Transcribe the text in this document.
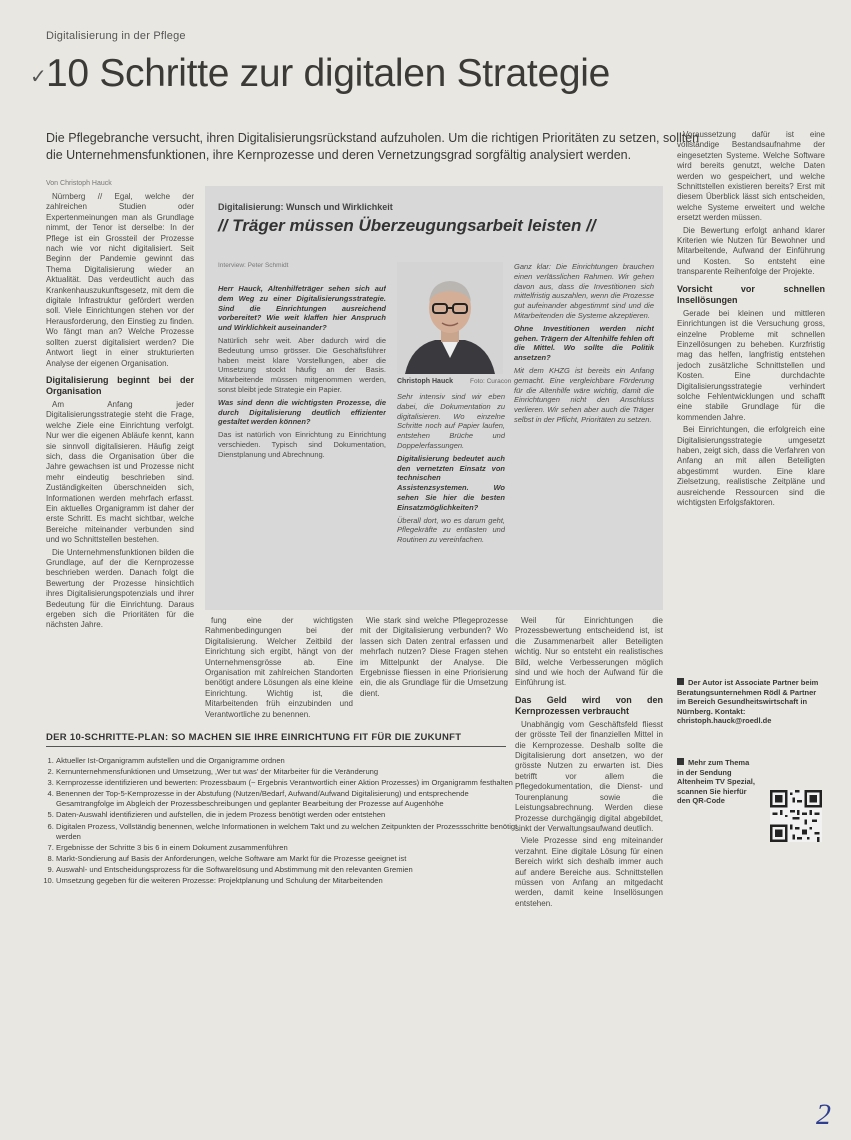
Digitalisierung in der Pflege
✓ 10 Schritte zur digitalen Strategie
Die Pflegebranche versucht, ihren Digitalisierungsrückstand aufzuholen. Um die richtigen Prioritäten zu setzen, sollten die Unternehmensfunktionen, ihre Kernprozesse und deren Vernetzungsgrad sorgfältig analysiert werden.
Von Christoph Hauck

Nürnberg // Egal, welche der zahlreichen Studien oder Expertenmeinungen man als Grundlage nimmt, der Tenor ist derselbe: In der Pflege ist ein Grossteil der Prozesse nach wie vor nicht digitalisiert. Seit Beginn der Pandemie gewinnt das Thema Digitalisierung wieder an Aktualität. Das verdeutlicht auch das Krankenhauszukunftsgesetz, mit dem die digitale Infrastruktur gefördert werden soll. Viele Einrichtungen stehen vor der Herausforderung, den Einstieg zu finden. Wo fängt man an? Welche Prozesse sollten zuerst digitalisiert werden? Die Antwort liegt in einer strukturierten Analyse der eigenen Organisation.

Digitalisierung beginnt bei der Organisation

Am Anfang jeder Digitalisierungsstrategie steht die Frage, welche Ziele eine Einrichtung verfolgt. Nur wer die eigenen Abläufe kennt, kann sie sinnvoll digitalisieren. Häufig zeigt sich, dass die Organisation über die Jahre gewachsen ist und Prozesse nicht mehr eindeutig beschrieben sind. Zuständigkeiten überschneiden sich, Informationen werden mehrfach erfasst. Ein aktuelles Organigramm ist daher der erste Schritt. Es macht sichtbar, welche Bereiche miteinander verbunden sind und wo Schnittstellen bestehen.

Die Unternehmensfunktionen bilden die Grundlage, auf der die Kernprozesse beschrieben werden. Danach folgt die Bewertung der Prozesse hinsichtlich ihres Digitalisierungspotenzials und ihrer Bedeutung für die Einrichtung. Daraus ergeben sich die Prioritäten für die nächsten Jahre.

Digitalisierung: Wunsch und Wirklichkeit
// Träger müssen Überzeugungsarbeit leisten //
Interview: Peter Schmidt
Christoph Hauck	Foto: Curacon

Herr Hauck, Altenhilfeträger sehen sich auf dem Weg zu einer Digitalisierungsstrategie. Sind die Einrichtungen ausreichend vorbereitet? Wie weit klaffen hier Anspruch und Wirklichkeit auseinander?

Natürlich sehr weit. Aber dadurch wird die Bedeutung umso grösser. Die Geschäftsführer haben meist klare Vorstellungen, aber die Umsetzung stockt häufig an der Basis. Mitarbeitende müssen mitgenommen werden, sonst bleibt jede Strategie ein Papier.

Was sind denn die wichtigsten Prozesse, die durch Digitalisierung deutlich effizienter gestaltet werden können?

Das ist natürlich von Einrichtung zu Einrichtung verschieden. Typisch sind Dokumentation, Dienstplanung und Abrechnung.

Sehr intensiv sind wir eben dabei, die Dokumentation zu digitalisieren. Wo einzelne Schritte noch auf Papier laufen, entstehen Brüche und Doppelerfassungen.

Digitalisierung bedeutet auch den vernetzten Einsatz von technischen Assistenzsystemen. Wo sehen Sie hier die besten Einsatzmöglichkeiten?

Überall dort, wo es darum geht, Pflegekräfte zu entlasten und Routinen zu vereinfachen.

Ganz klar: Die Einrichtungen brauchen einen verlässlichen Rahmen. Wir gehen davon aus, dass die Investitionen sich mittelfristig auszahlen, wenn die Prozesse gut aufeinander abgestimmt sind und die Mitarbeitenden die Systeme akzeptieren.

Ohne Investitionen werden nicht gehen. Trägern der Altenhilfe fehlen oft die Mittel. Wo sollte die Politik ansetzen?

Mit dem KHZG ist bereits ein Anfang gemacht. Eine vergleichbare Förderung für die Altenhilfe wäre wichtig, damit die Einrichtungen nicht den Anschluss verlieren. Wir sehen aber auch die Träger selbst in der Pflicht, Prioritäten zu setzen.

fung eine der wichtigsten Rahmenbedingungen bei der Digitalisierung. Welcher Zeitbild der Einrichtung sich ergibt, hängt von der Unternehmensgrösse ab. Eine Organisation mit zahlreichen Standorten benötigt andere Lösungen als eine kleine Einrichtung. Wichtig ist, die Mitarbeitenden früh einzubinden und Verantwortliche zu benennen.

Wie stark sind welche Pflegeprozesse mit der Digitalisierung verbunden? Wo lassen sich Daten zentral erfassen und mehrfach nutzen? Diese Fragen stehen im Mittelpunkt der Analyse. Die Ergebnisse fliessen in eine Priorisierung ein, die als Grundlage für die Umsetzung dient.

Weil für Einrichtungen die Prozessbewertung entscheidend ist, ist die Zusammenarbeit aller Beteiligten wichtig. Nur so entsteht ein realistisches Bild, welche Verbesserungen möglich sind und wie hoch der Aufwand für die Einführung ist.

Das Geld wird von den Kernprozessen verbraucht

Unabhängig vom Geschäftsfeld fliesst der grösste Teil der finanziellen Mittel in die Kernprozesse. Deshalb sollte die Digitalisierung dort ansetzen, wo der grösste Nutzen zu erwarten ist. Dies betrifft vor allem die Pflegedokumentation, die Dienst- und Tourenplanung sowie die Leistungsabrechnung. Werden diese Prozesse durchgängig digital abgebildet, sinkt der Verwaltungsaufwand deutlich.

Viele Prozesse sind eng miteinander verzahnt. Eine digitale Lösung für einen Bereich wirkt sich deshalb immer auch auf andere Bereiche aus. Schnittstellen müssen von Anfang an mitgedacht werden, damit keine Insellösungen entstehen.

Voraussetzung dafür ist eine vollständige Bestandsaufnahme der eingesetzten Systeme. Welche Software wird bereits genutzt, welche Daten werden wo gespeichert, und welche Schnittstellen existieren bereits? Erst mit diesem Überblick lässt sich entscheiden, welche Systeme erweitert und welche ersetzt werden müssen.

Die Bewertung erfolgt anhand klarer Kriterien wie Nutzen für Bewohner und Mitarbeitende, Aufwand der Einführung und Kosten. So entsteht eine transparente Reihenfolge der Projekte.

Vorsicht vor schnellen Insellösungen

Gerade bei kleinen und mittleren Einrichtungen ist die Versuchung gross, einzelne Probleme mit schnellen Einzellösungen zu beheben. Kurzfristig mag das helfen, langfristig entstehen jedoch zusätzliche Schnittstellen und Kosten. Eine durchdachte Digitalisierungsstrategie verhindert solche Fehlentwicklungen und schafft eine stabile Grundlage für die kommenden Jahre.

Bei Einrichtungen, die erfolgreich eine Digitalisierungsstrategie umgesetzt haben, zeigt sich, dass die Verfahren von Anfang an mit allen Beteiligten abgestimmt wurden. Eine klare Zielsetzung, realistische Zeitpläne und ausreichende Ressourcen sind die wichtigsten Erfolgsfaktoren.

Der Autor ist Associate Partner beim Beratungsunternehmen Rödl & Partner im Bereich Gesundheitswirtschaft in Nürnberg. Kontakt: christoph.hauck@roedl.de
Mehr zum Thema in der Sendung Altenheim TV Spezial, scannen Sie hierfür den QR-Code
DER 10-SCHRITTE-PLAN: SO MACHEN SIE IHRE EINRICHTUNG FIT FÜR DIE ZUKUNFT
1. Aktueller Ist-Organigramm aufstellen und die Organigramme ordnen
2. Kernunternehmensfunktionen und Umsetzung, ‚Wer tut was' der Mitarbeiter für die Veränderung
3. Kernprozesse identifizieren und bewerten: Prozessbaum (~ Ergebnis Verantwortlich einer Aktion Prozesses) im Organigramm festhalten
4. Benennen der Top-5-Kernprozesse in der Abstufung (Nutzen/Bedarf, Aufwand/Aufwand Digitalisierung) und entsprechende Gesamtrangfolge im Abgleich der Prozessbeschreibungen und geplanter Bearbeitung der Prozesse auf Augenhöhe
5. Daten-Auswahl identifizieren und aufstellen, die in jedem Prozess benötigt werden oder entstehen
6. Digitalen Prozess, Vollständig benennen, welche Informationen in welchem Takt und zu welchen Zeitpunkten der Prozessschritte benötigt werden
7. Ergebnisse der Schritte 3 bis 6 in einem Dokument zusammenführen
8. Markt-Sondierung auf Basis der Anforderungen, welche Software am Markt für die Prozesse geeignet ist
9. Auswahl- und Entscheidungsprozess für die Softwarelösung und Abstimmung mit den relevanten Gremien
10. Umsetzung gegeben für die weiteren Prozesse: Projektplanung und Schulung der Mitarbeitenden
2
